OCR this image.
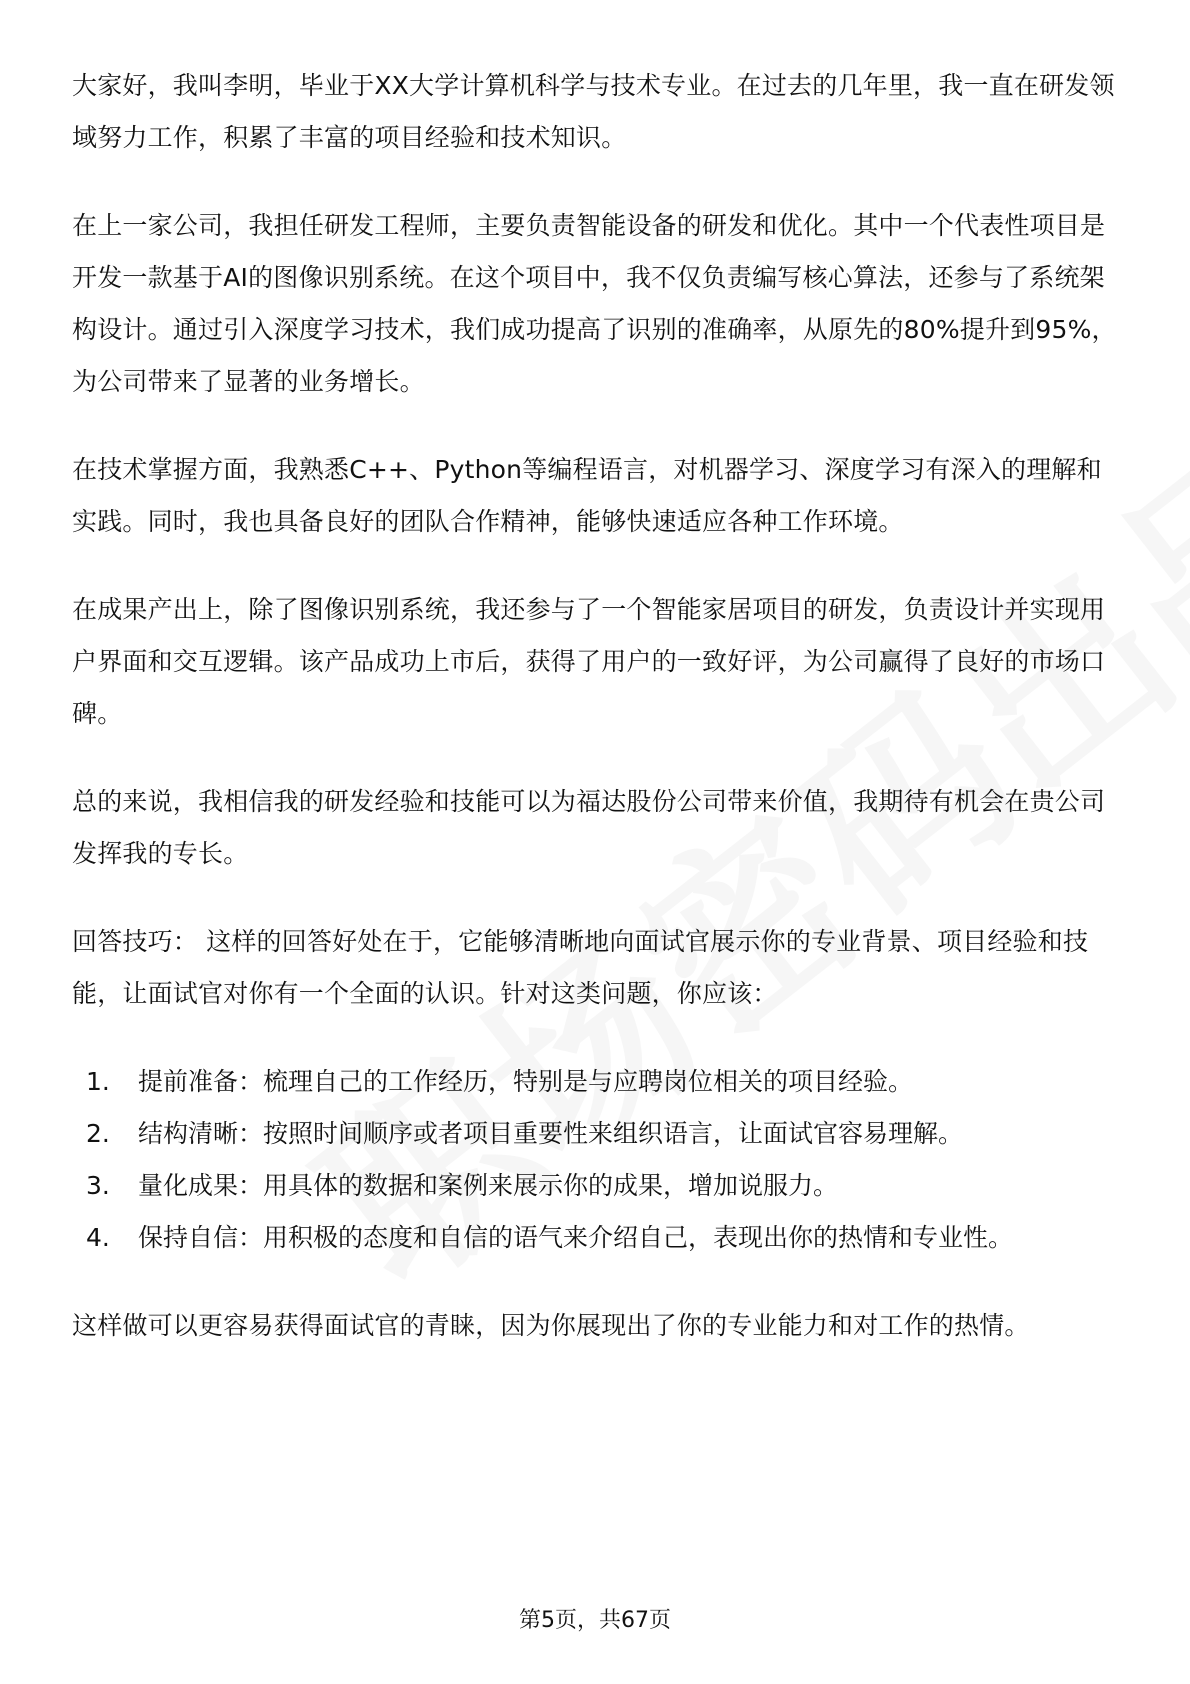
大家好，我叫李明，毕业于XX大学计算机科学与技术专业。在过去的几年里，我一直在研发领域努力工作，积累了丰富的项目经验和技术知识。

在上一家公司，我担任研发工程师，主要负责智能设备的研发和优化。其中一个代表性项目是开发一款基于AI的图像识别系统。在这个项目中，我不仅负责编写核心算法，还参与了系统架构设计。通过引入深度学习技术，我们成功提高了识别的准确率，从原先的80%提升到95%，为公司带来了显著的业务增长。

在技术掌握方面，我熟悉C++、Python等编程语言，对机器学习、深度学习有深入的理解和实践。同时，我也具备良好的团队合作精神，能够快速适应各种工作环境。

在成果产出上，除了图像识别系统，我还参与了一个智能家居项目的研发，负责设计并实现用户界面和交互逻辑。该产品成功上市后，获得了用户的一致好评，为公司赢得了良好的市场口碑。

总的来说，我相信我的研发经验和技能可以为福达股份公司带来价值，我期待有机会在贵公司发挥我的专长。

回答技巧： 这样的回答好处在于，它能够清晰地向面试官展示你的专业背景、项目经验和技能，让面试官对你有一个全面的认识。针对这类问题，你应该：

1.	提前准备：梳理自己的工作经历，特别是与应聘岗位相关的项目经验。
2.	结构清晰：按照时间顺序或者项目重要性来组织语言，让面试官容易理解。
3.	量化成果：用具体的数据和案例来展示你的成果，增加说服力。
4.	保持自信：用积极的态度和自信的语气来介绍自己，表现出你的热情和专业性。

这样做可以更容易获得面试官的青睐，因为你展现出了你的专业能力和对工作的热情。

第5页，共67页
